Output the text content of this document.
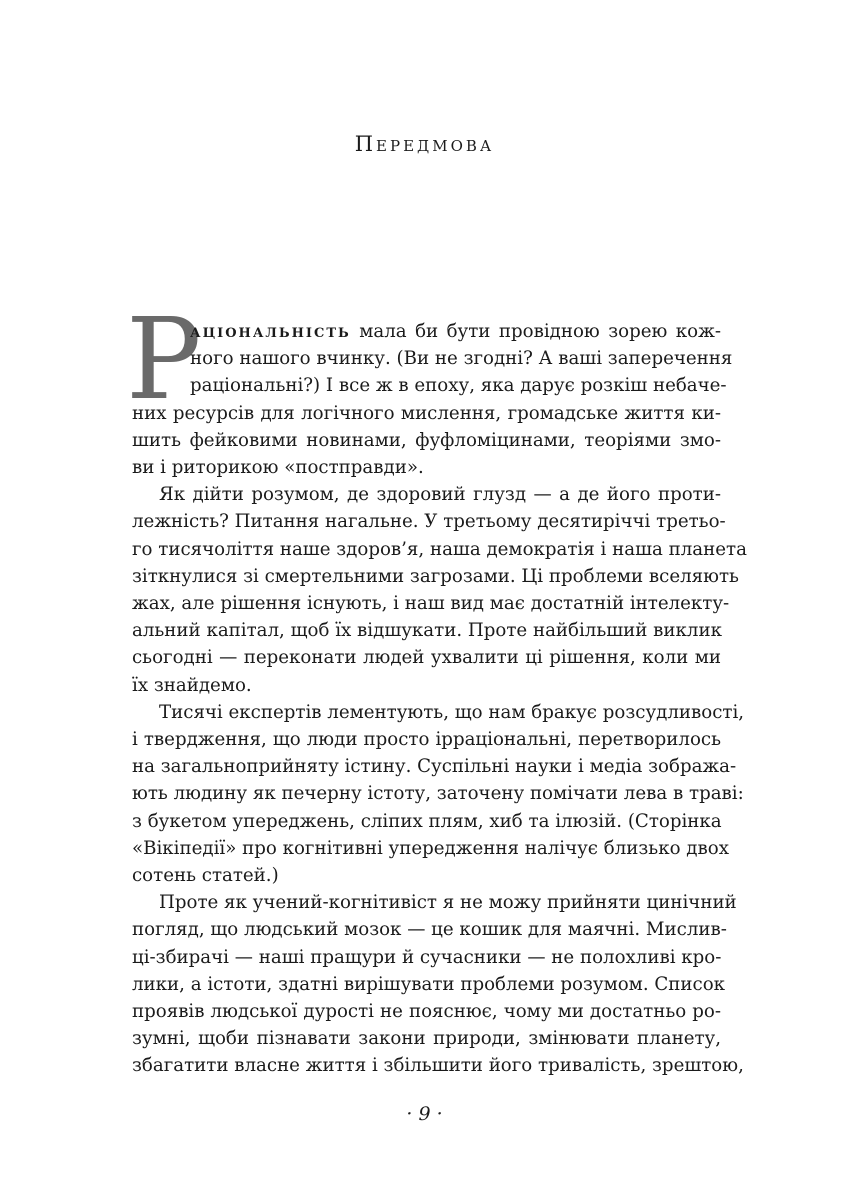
Передмова
Р
аціональність мала би бути провідною зорею кож-
ного нашого вчинку. (Ви не згодні? А ваші заперечення
раціональні?) І все ж в епоху, яка дарує розкіш небаче-
них ресурсів для логічного мислення, громадське життя ки-
шить фейковими новинами, фуфломіцинами, теоріями змо-
ви і риторикою «постправди».
Як дійти розумом, де здоровий глузд — а де його проти-
лежність? Питання нагальне. У третьому десятиріччі третьо-
го тисячоліття наше здоров’я, наша демократія і наша планета
зіткнулися зі смертельними загрозами. Ці проблеми вселяють
жах, але рішення існують, і наш вид має достатній інтелекту-
альний капітал, щоб їх відшукати. Проте найбільший виклик
сьогодні — переконати людей ухвалити ці рішення, коли ми
їх знайдемо.
Тисячі експертів лементують, що нам бракує розсудливості,
і твердження, що люди просто ірраціональні, перетворилось
на загальноприйняту істину. Суспільні науки і медіа зобража-
ють людину як печерну істоту, заточену помічати лева в траві:
з букетом упереджень, сліпих плям, хиб та ілюзій. (Сторінка
«Вікіпедії» про когнітивні упередження налічує близько двох
сотень статей.)
Проте як учений-когнітивіст я не можу прийняти цинічний
погляд, що людський мозок — це кошик для маячні. Мислив-
ці-збирачі — наші пращури й сучасники — не полохливі кро-
лики, а істоти, здатні вирішувати проблеми розумом. Список
проявів людської дурості не пояснює, чому ми достатньо ро-
зумні, щоби пізнавати закони природи, змінювати планету,
збагатити власне життя і збільшити його тривалість, зрештою,
· 9 ·
